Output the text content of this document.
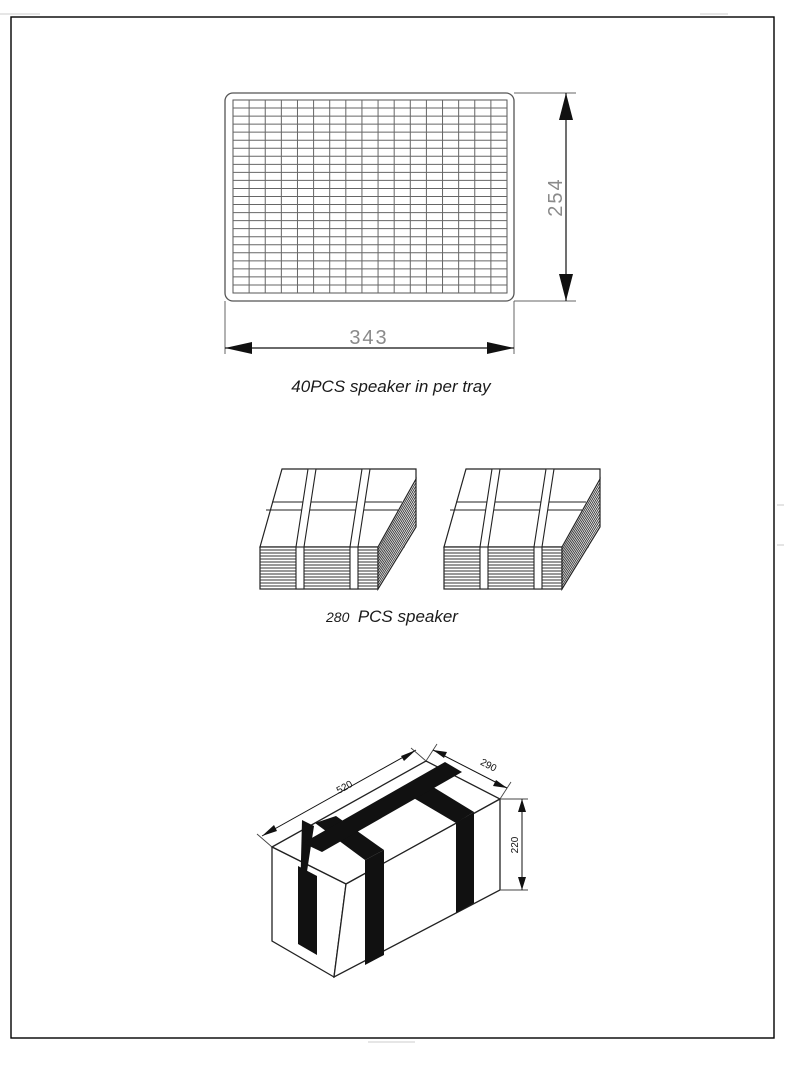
254
343
40PCS speaker in per tray
280 PCS speaker
520
290
220
